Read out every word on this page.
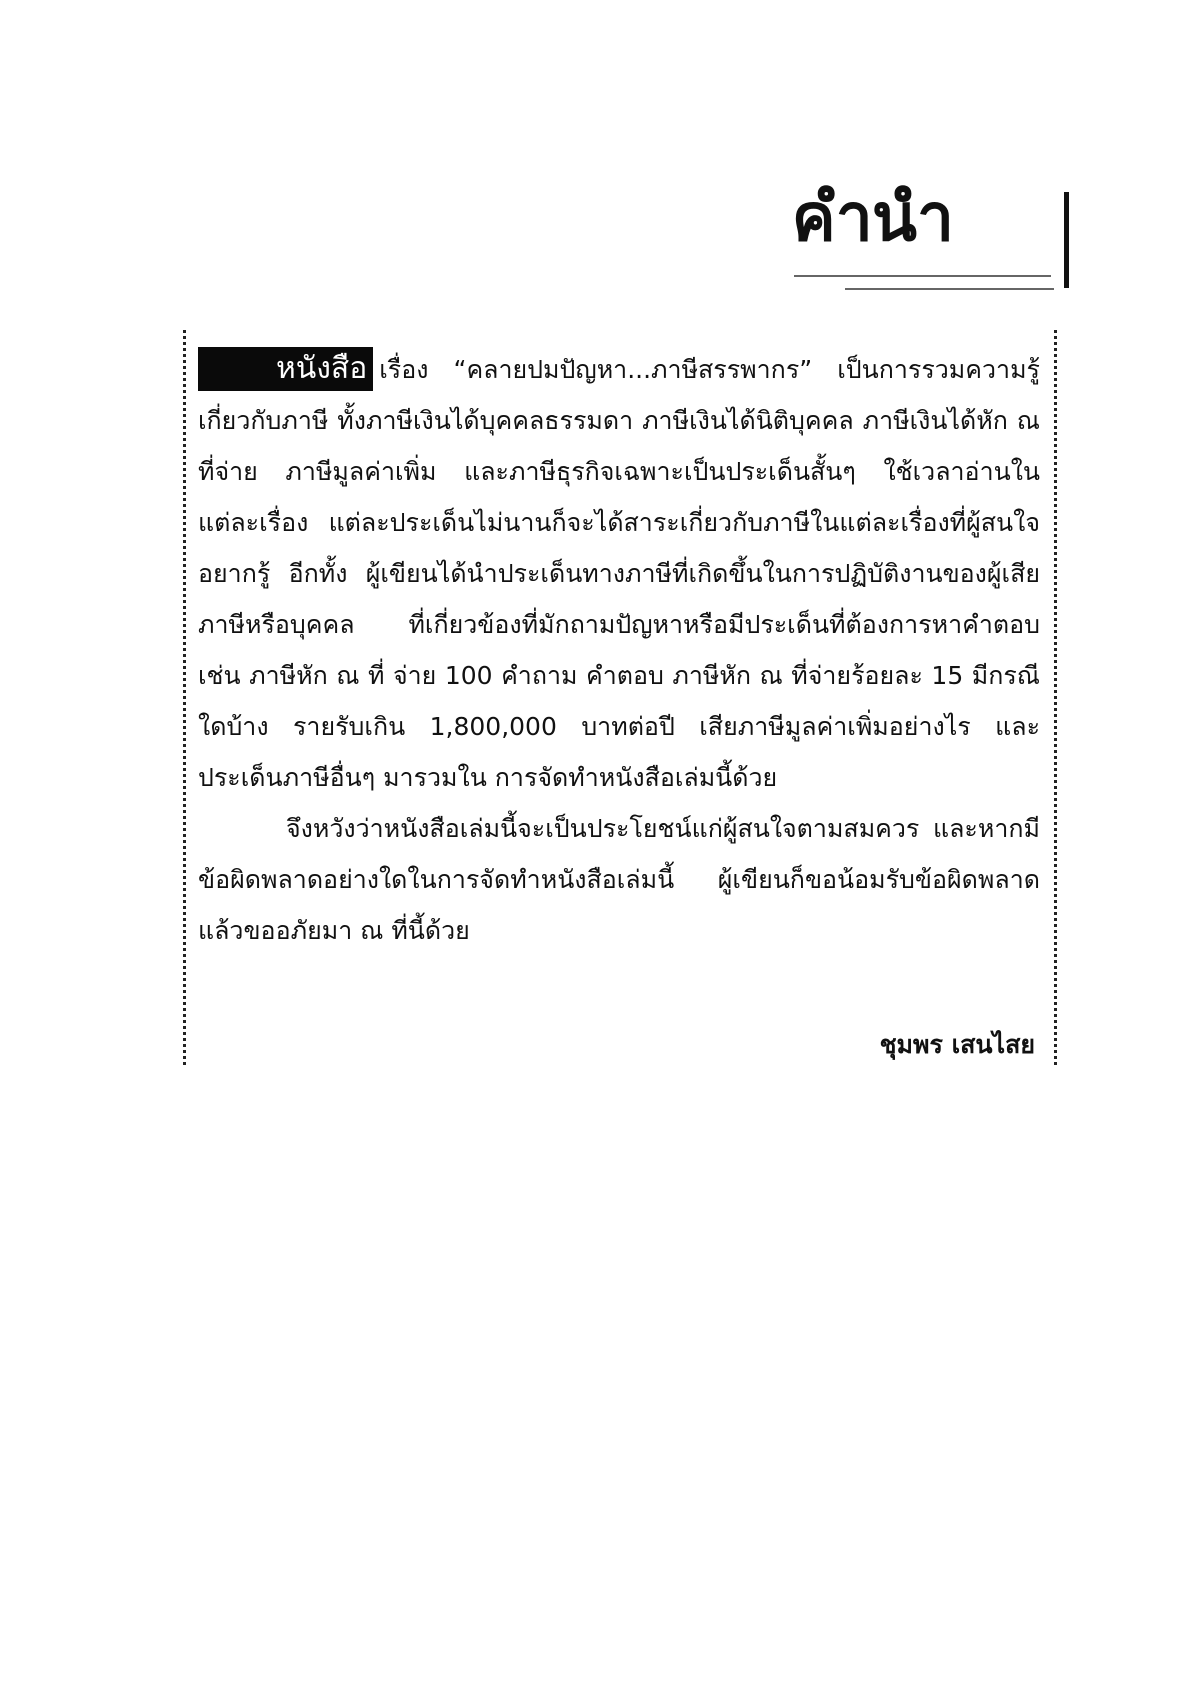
คำนำ

หนังสือ เรื่อง “คลายปมปัญหา...ภาษีสรรพากร” เป็นการรวมความรู้เกี่ยวกับภาษี ทั้งภาษีเงินได้บุคคลธรรมดา ภาษีเงินได้นิติบุคคล ภาษีเงินได้หัก ณ ที่จ่าย ภาษีมูลค่าเพิ่ม และภาษีธุรกิจเฉพาะเป็นประเด็นสั้นๆ ใช้เวลาอ่านในแต่ละเรื่อง แต่ละประเด็นไม่นานก็จะได้สาระเกี่ยวกับภาษีในแต่ละเรื่องที่ผู้สนใจอยากรู้ อีกทั้ง ผู้เขียนได้นำประเด็นทางภาษีที่เกิดขึ้นในการปฏิบัติงานของผู้เสียภาษีหรือบุคคล ที่เกี่ยวข้องที่มักถามปัญหาหรือมีประเด็นที่ต้องการหาคำตอบ เช่น ภาษีหัก ณ ที่ จ่าย 100 คำถาม คำตอบ ภาษีหัก ณ ที่จ่ายร้อยละ 15 มีกรณีใดบ้าง รายรับเกิน 1,800,000 บาทต่อปี เสียภาษีมูลค่าเพิ่มอย่างไร และประเด็นภาษีอื่นๆ มารวมใน การจัดทำหนังสือเล่มนี้ด้วย

จึงหวังว่าหนังสือเล่มนี้จะเป็นประโยชน์แก่ผู้สนใจตามสมควร และหากมี ข้อผิดพลาดอย่างใดในการจัดทำหนังสือเล่มนี้ ผู้เขียนก็ขอน้อมรับข้อผิดพลาด แล้วขออภัยมา ณ ที่นี้ด้วย

ชุมพร เสนไสย
